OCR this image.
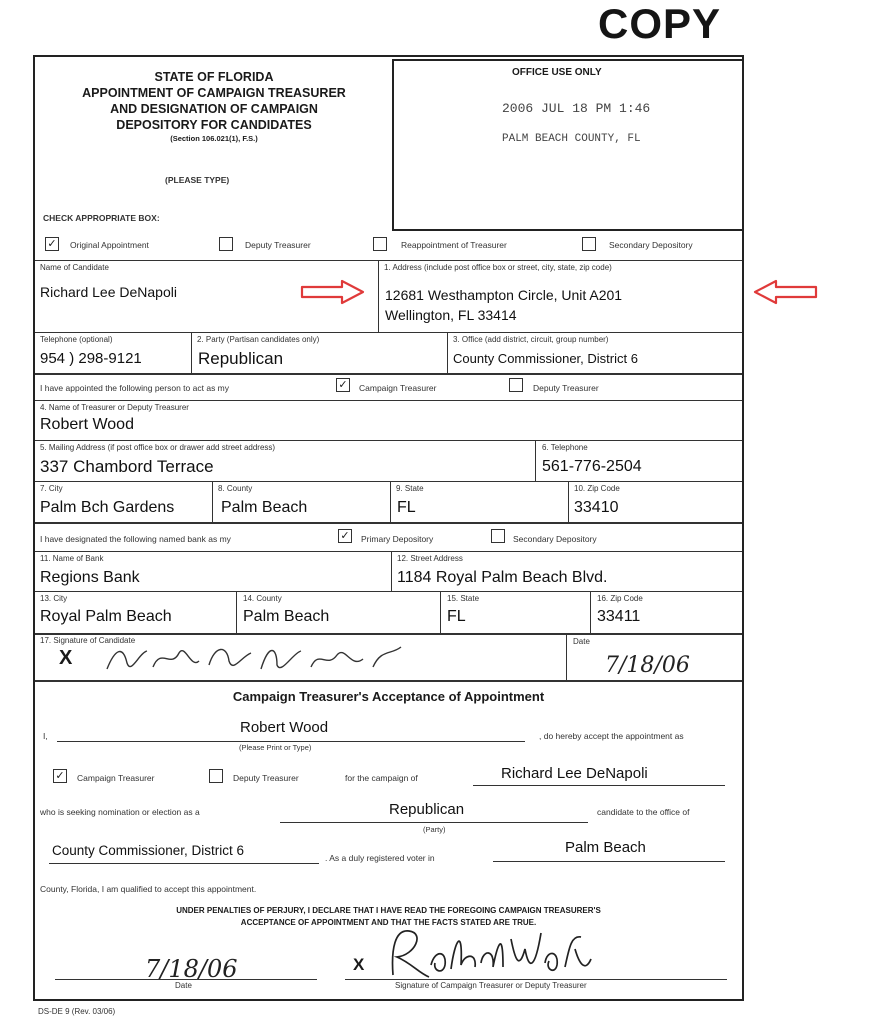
COPY
STATE OF FLORIDA
APPOINTMENT OF CAMPAIGN TREASURER
AND DESIGNATION OF CAMPAIGN
DEPOSITORY FOR CANDIDATES
(Section 106.021(1), F.S.)
(PLEASE TYPE)
CHECK APPROPRIATE BOX:
OFFICE USE ONLY
2006 JUL 18 PM 1:46
PALM BEACH COUNTY, FL
✓ Original Appointment	Deputy Treasurer	Reappointment of Treasurer	Secondary Depository
Name of Candidate
Richard Lee DeNapoli
1. Address (include post office box or street, city, state, zip code)
12681 Westhampton Circle, Unit A201
Wellington, FL 33414
Telephone (optional)
954 ) 298-9121
2. Party (Partisan candidates only)
Republican
3. Office (add district, circuit, group number)
County Commissioner, District 6
I have appointed the following person to act as my	✓ Campaign Treasurer	Deputy Treasurer
4. Name of Treasurer or Deputy Treasurer
Robert Wood
5. Mailing Address (if post office box or drawer add street address)
337 Chambord Terrace
6. Telephone
561-776-2504
7. City
Palm Bch Gardens
8. County
Palm Beach
9. State
FL
10. Zip Code
33410
I have designated the following named bank as my	✓ Primary Depository	Secondary Depository
11. Name of Bank
Regions Bank
12. Street Address
1184 Royal Palm Beach Blvd.
13. City
Royal Palm Beach
14. County
Palm Beach
15. State
FL
16. Zip Code
33411
17. Signature of Candidate
X
Date
7/18/06
Campaign Treasurer's Acceptance of Appointment
I,	Robert Wood
(Please Print or Type)
, do hereby accept the appointment as
✓ Campaign Treasurer	Deputy Treasurer	for the campaign of	Richard Lee DeNapoli
who is seeking nomination or election as a	Republican
(Party)
candidate to the office of
County Commissioner, District 6	. As a duly registered voter in
Palm Beach
County, Florida, I am qualified to accept this appointment.
UNDER PENALTIES OF PERJURY, I DECLARE THAT I HAVE READ THE FOREGOING CAMPAIGN TREASURER'S
ACCEPTANCE OF APPOINTMENT AND THAT THE FACTS STATED ARE TRUE.
7/18/06
Date
X
Signature of Campaign Treasurer or Deputy Treasurer
DS-DE 9 (Rev. 03/06)
